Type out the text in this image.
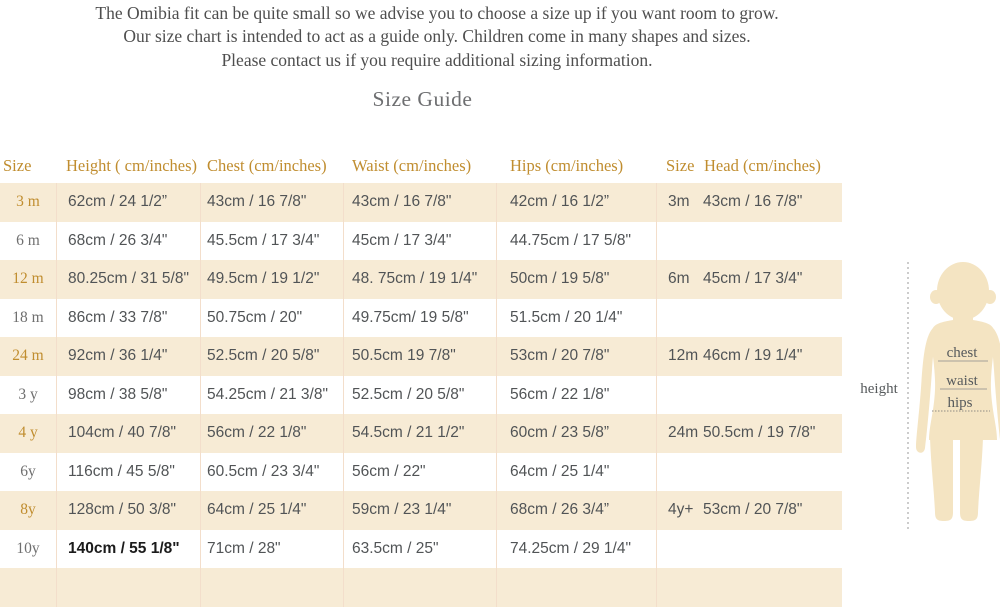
The Omibia fit can be quite small so we advise you to choose a size up if you want room to grow.
Our size chart is intended to act as a guide only. Children come in many shapes and sizes.
Please contact us if you require additional sizing information.
Size Guide
Size	Height ( cm/inches) Chest (cm/inches)	Waist (cm/inches)	Hips (cm/inches)	Size Head (cm/inches)
3 m	62cm / 24 1/2”	43cm / 16 7/8"	43cm / 16 7/8"	42cm / 16 1/2”	3m 43cm / 16 7/8"
6 m	68cm / 26 3/4"	45.5cm / 17 3/4"	45cm / 17 3/4"	44.75cm / 17 5/8"
12 m	80.25cm / 31 5/8"	49.5cm / 19 1/2"	48. 75cm / 19 1/4"	50cm / 19 5/8"	6m 45cm / 17 3/4"
18 m	86cm / 33 7/8"	50.75cm / 20"	49.75cm/ 19 5/8"	51.5cm / 20 1/4"
24 m	92cm / 36 1/4"	52.5cm / 20 5/8"	50.5cm 19 7/8"	53cm / 20 7/8"	12m 46cm / 19 1/4"
3 y	98cm / 38 5/8"	54.25cm / 21 3/8"	52.5cm / 20 5/8"	56cm / 22 1/8"
4 y	104cm / 40 7/8"	56cm / 22 1/8"	54.5cm / 21 1/2"	60cm / 23 5/8”	24m 50.5cm / 19 7/8"
6y	116cm / 45 5/8"	60.5cm / 23 3/4"	56cm / 22"	64cm / 25 1/4"
8y	128cm / 50 3/8"	64cm / 25 1/4"	59cm / 23 1/4"	68cm / 26 3/4”	4y+ 53cm / 20 7/8"
10y	140cm / 55 1/8"	71cm / 28"	63.5cm / 25"	74.25cm / 29 1/4"
height
chest
waist
hips
